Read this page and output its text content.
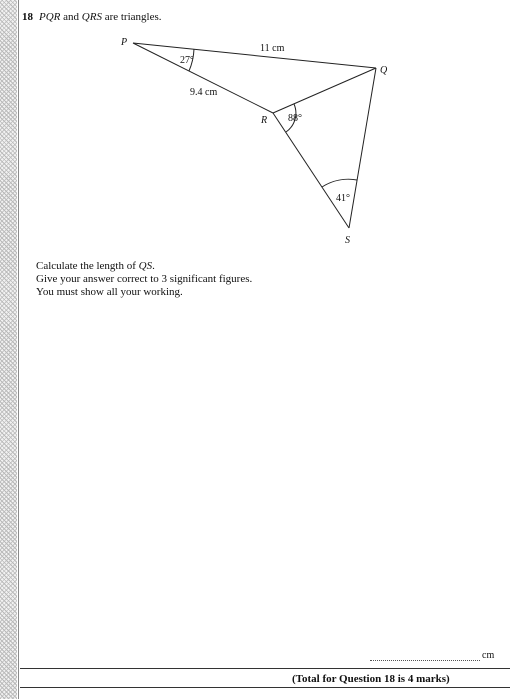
18 PQR and QRS are triangles.
P
Q
R
S
11 cm
9.4 cm
27°
88°
41°
Calculate the length of QS.
Give your answer correct to 3 significant figures.
You must show all your working.
cm
(Total for Question 18 is 4 marks)
